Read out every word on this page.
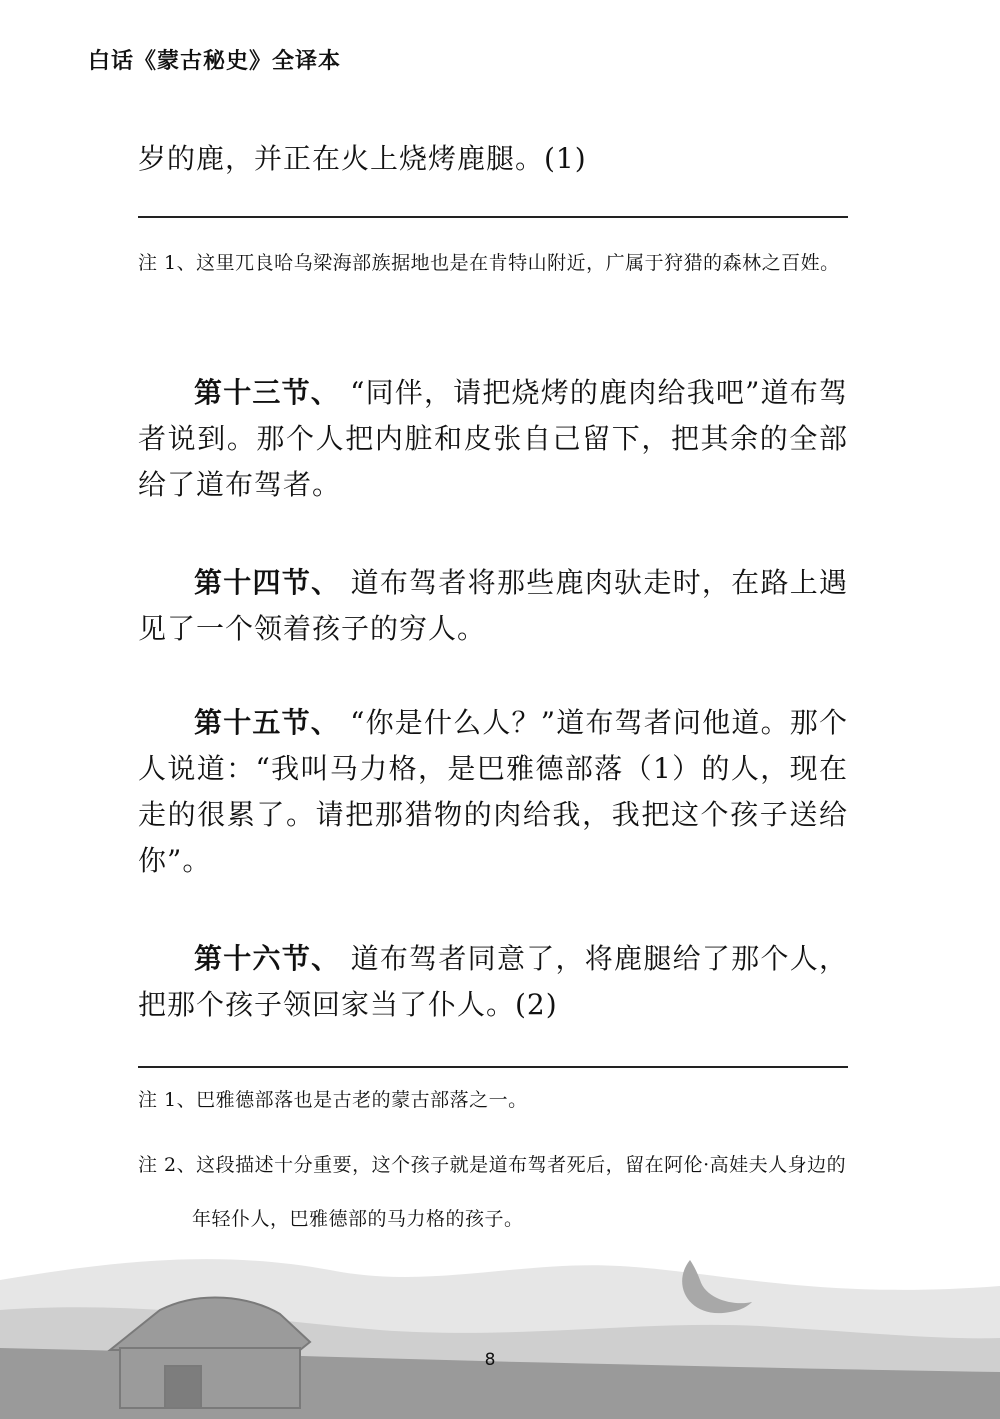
白话《蒙古秘史》全译本

岁的鹿，并正在火上烧烤鹿腿。(1)

注 1、这里兀良哈乌梁海部族据地也是在肯特山附近，广属于狩猎的森林之百姓。

第十三节、 “同伴，请把烧烤的鹿肉给我吧”道布驾者说到。那个人把内脏和皮张自己留下，把其余的全部给了道布驾者。

第十四节、 道布驾者将那些鹿肉驮走时，在路上遇见了一个领着孩子的穷人。

第十五节、 “你是什么人？”道布驾者问他道。那个人说道：“我叫马力格，是巴雅德部落（1）的人，现在走的很累了。请把那猎物的肉给我，我把这个孩子送给你”。

第十六节、 道布驾者同意了，将鹿腿给了那个人，把那个孩子领回家当了仆人。(2)

注 1、巴雅德部落也是古老的蒙古部落之一。

注 2、这段描述十分重要，这个孩子就是道布驾者死后，留在阿伦·高娃夫人身边的年轻仆人，巴雅德部的马力格的孩子。

8
